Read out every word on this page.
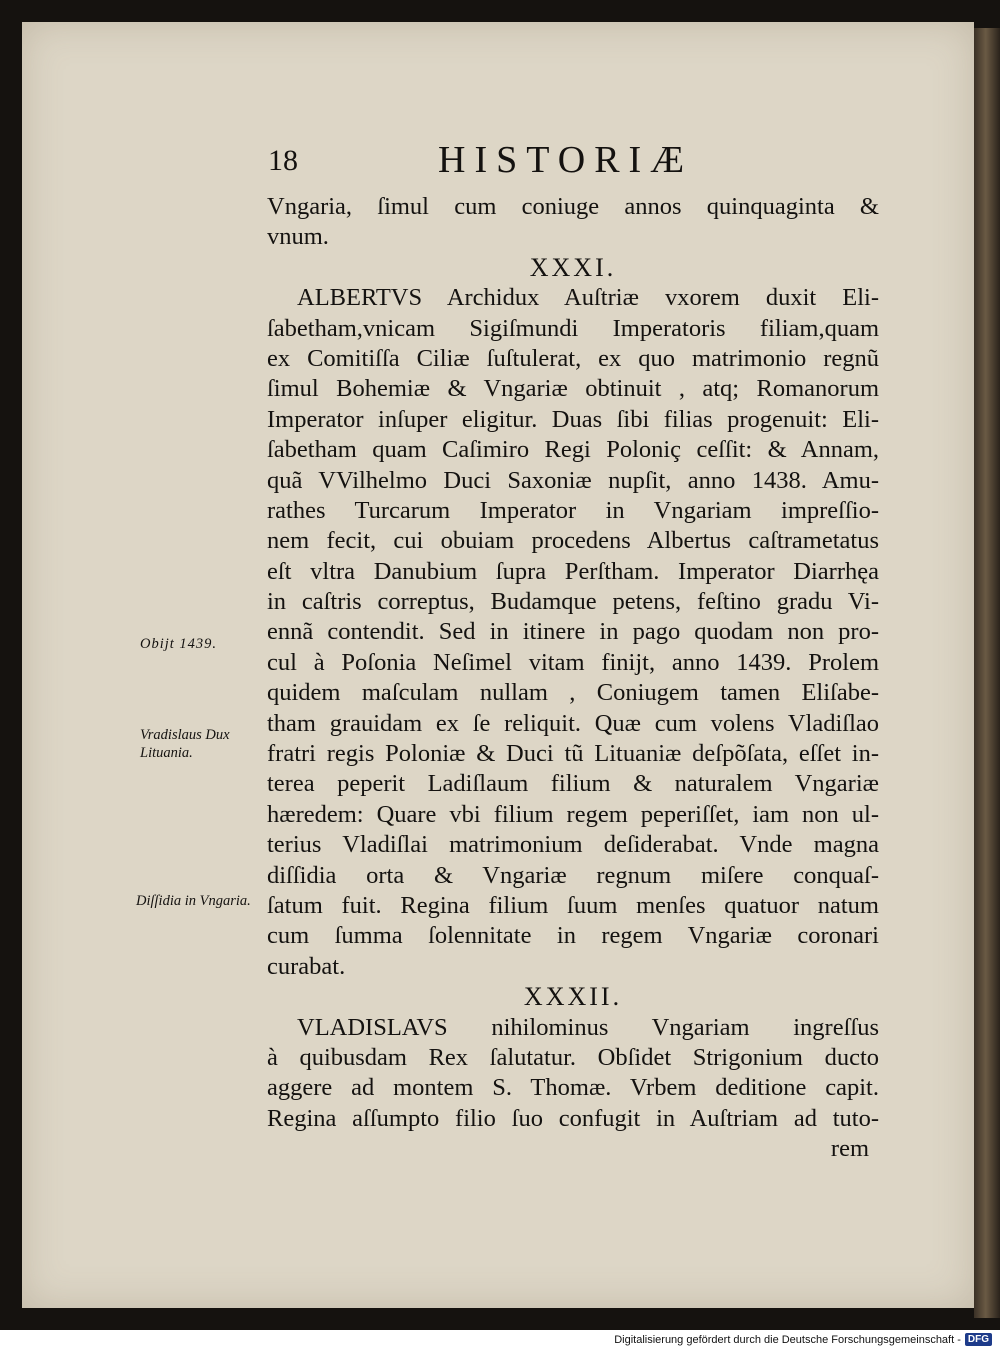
18	HISTORIÆ
Vngaria, ſimul cum coniuge annos quinquaginta &
vnum.
XXXI.
ALBERTVS Archidux Auſtriæ vxorem duxit Eli-
ſabetham,vnicam Sigiſmundi Imperatoris filiam,quam
ex Comitiſſa Ciliæ ſuſtulerat, ex quo matrimonio regnũ
ſimul Bohemiæ & Vngariæ obtinuit , atq; Romanorum
Imperator inſuper eligitur. Duas ſibi filias progenuit: Eli-
ſabetham quam Caſimiro Regi Poloniç ceſſit: & Annam,
quã VVilhelmo Duci Saxoniæ nupſit, anno 1438. Amu-
rathes Turcarum Imperator in Vngariam impreſſio-
nem fecit, cui obuiam procedens Albertus caſtrametatus
eſt vltra Danubium ſupra Perſtham. Imperator Diarrhęa
in caſtris correptus, Budamque petens, feſtino gradu Vi-
ennã contendit. Sed in itinere in pago quodam non pro-
cul à Poſonia Neſimel vitam finijt, anno 1439. Prolem
quidem maſculam nullam , Coniugem tamen Eliſabe-
tham grauidam ex ſe reliquit. Quæ cum volens Vladiſlao
fratri regis Poloniæ & Duci tũ Lituaniæ deſpõſata, eſſet in-
terea peperit Ladiſlaum filium & naturalem Vngariæ
hæredem: Quare vbi filium regem peperiſſet, iam non ul-
terius Vladiſlai matrimonium deſiderabat. Vnde magna
diſſidia orta & Vngariæ regnum miſere conquaſ-
ſatum fuit. Regina filium ſuum menſes quatuor natum
cum ſumma ſolennitate in regem Vngariæ coronari
curabat.
XXXII.
VLADISLAVS nihilominus Vngariam ingreſſus
à quibusdam Rex ſalutatur. Obſidet Strigonium ducto
aggere ad montem S. Thomæ. Vrbem deditione capit.
Regina aſſumpto filio ſuo confugit in Auſtriam ad tuto-
rem
Obijt 1439.
Vradislaus Dux Lituania.
Diſſidia in Vngaria.
Digitalisierung gefördert durch die Deutsche Forschungsgemeinschaft - DFG
